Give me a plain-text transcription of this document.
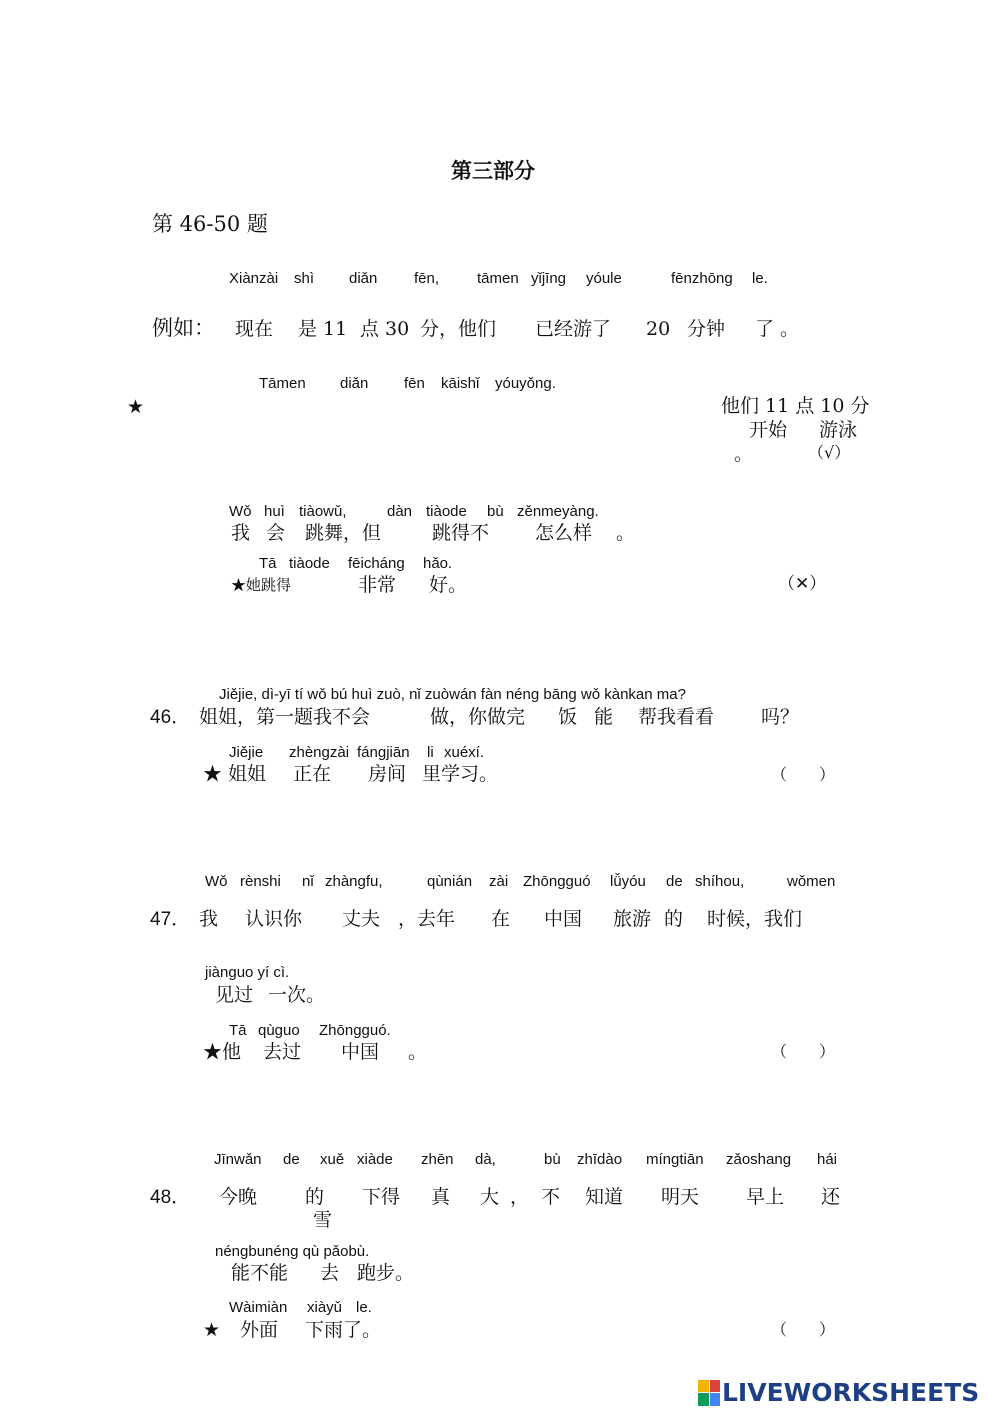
第三部分
第 46-50 题
Xiànzài shì diǎn fēn,	tāmen yǐjīng yóule	fēnzhōng le.
例如： 现在 是 11 点 30 分，他们 已经游了 20 分钟 了 。
Tāmen diǎn fēn kāishǐ yóuyǒng.
★	他们 11 点 10 分
开始 游泳
。	（√）
Wǒ huì tiàowǔ,	dàn tiàode bù zěnmeyàng.
我 会 跳舞，但	跳得不 怎么样 。
Tā tiàode fēicháng hǎo.
★她跳得	非常 好。	（✕）
Jiějie, dì-yī tí wǒ bú huì zuò, nǐ zuòwán fàn néng bāng wǒ kànkan ma?
46． 姐姐，第一题我不会	做，你做完 饭 能 帮我看看 吗？
Jiějie zhèngzài fángjiān li xuéxí.
★ 姐姐 正在 房间 里学习。	（　　）
Wǒ rènshi nǐ zhàngfu,	qùnián zài Zhōngguó lǚyóu de shíhou,	wǒmen
47． 我 认识你 丈夫 ，去年 在 中国 旅游 的 时候，我们
jiànguo yí cì.
见过 一次。
Tā qùguo Zhōngguó.
★他 去过 中国 。	（　　）
Jīnwǎn de xuě xiàde zhēn dà,	bù zhīdào míngtiān zǎoshang hái
48． 今晚	的 下得 真 大 ， 不 知道 明天 早上 还
雪
néngbunéng qù pǎobù.
能不能 去 跑步。
Wàimiàn xiàyǔ le.
★ 外面 下雨了。	（　　）
LIVEWORKSHEETS
